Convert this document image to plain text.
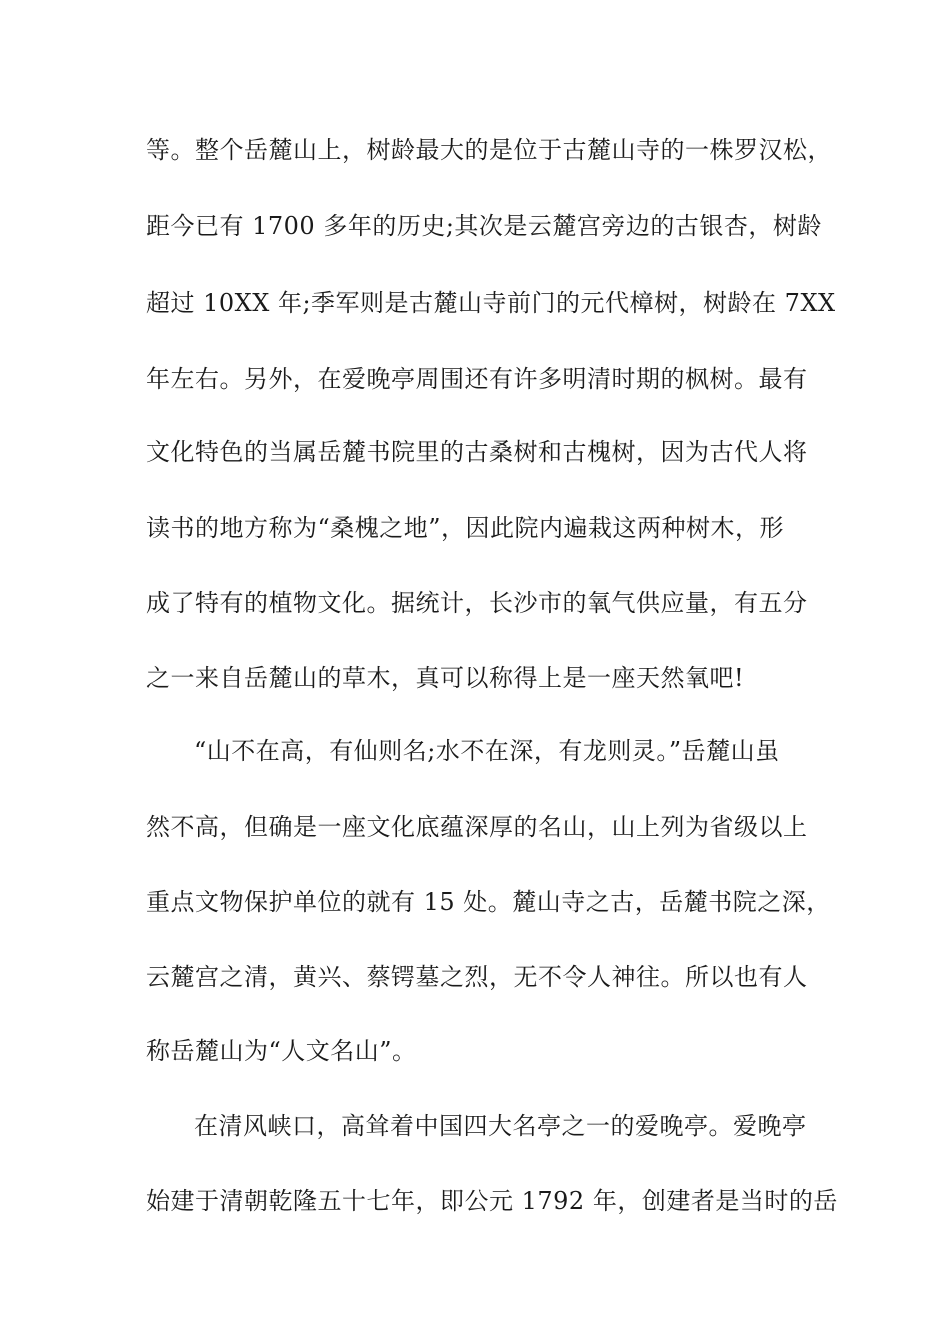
等。整个岳麓山上，树龄最大的是位于古麓山寺的一株罗汉松，
距今已有 1700 多年的历史;其次是云麓宫旁边的古银杏，树龄
超过 10XX 年;季军则是古麓山寺前门的元代樟树，树龄在 7XX
年左右。另外，在爱晚亭周围还有许多明清时期的枫树。最有
文化特色的当属岳麓书院里的古桑树和古槐树，因为古代人将
读书的地方称为“桑槐之地”，因此院内遍栽这两种树木，形
成了特有的植物文化。据统计，长沙市的氧气供应量，有五分
之一来自岳麓山的草木，真可以称得上是一座天然氧吧!
“山不在高，有仙则名;水不在深，有龙则灵。”岳麓山虽
然不高，但确是一座文化底蕴深厚的名山，山上列为省级以上
重点文物保护单位的就有 15 处。麓山寺之古，岳麓书院之深，
云麓宫之清，黄兴、蔡锷墓之烈，无不令人神往。所以也有人
称岳麓山为“人文名山”。
在清风峡口，高耸着中国四大名亭之一的爱晚亭。爱晚亭
始建于清朝乾隆五十七年，即公元 1792 年，创建者是当时的岳
